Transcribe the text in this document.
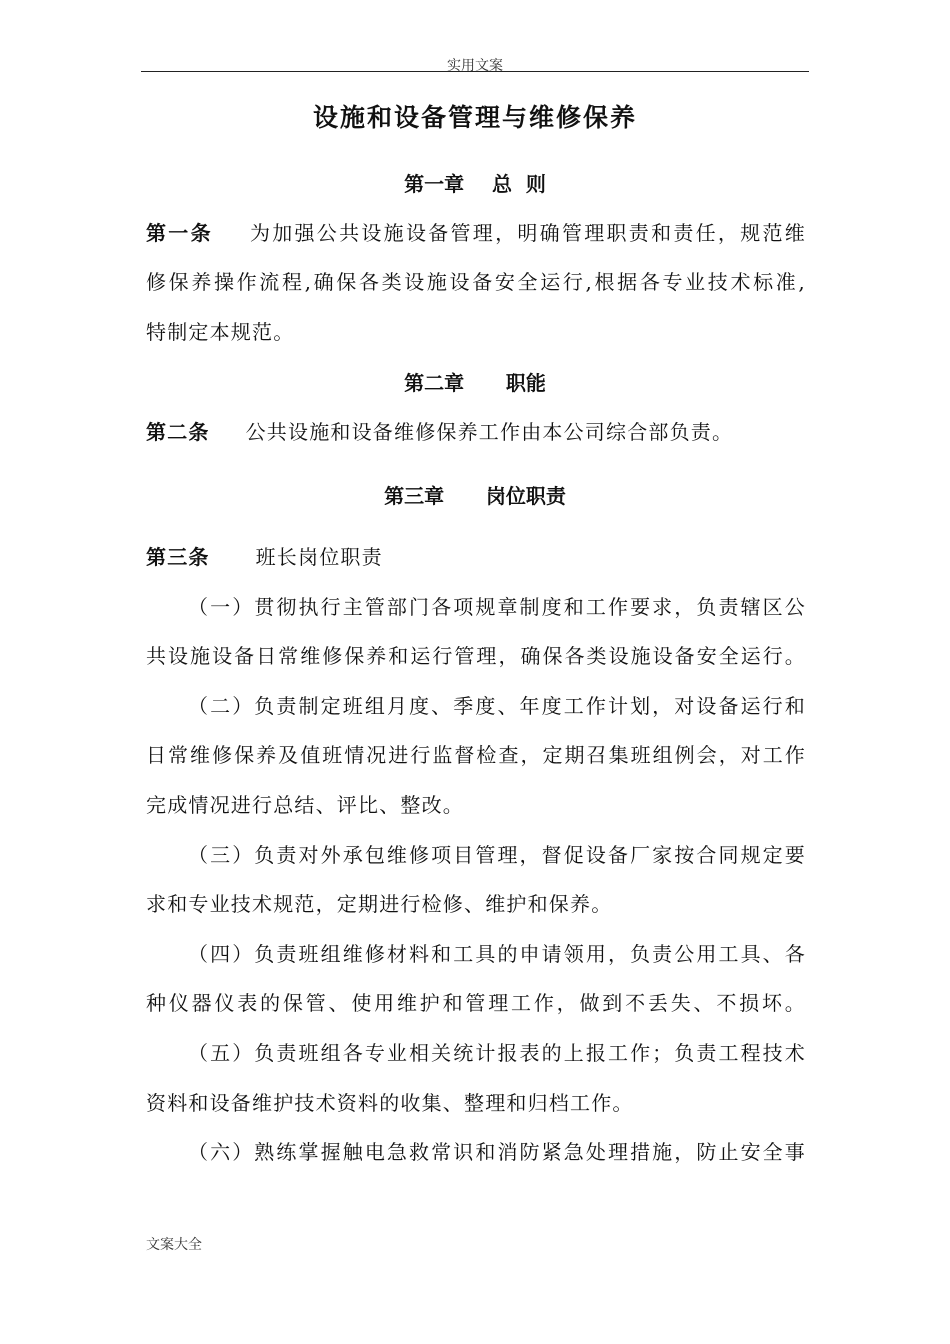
实用文案
设施和设备管理与维修保养
第一章    总  则
第一条 为加强公共设施设备管理，明确管理职责和责任，规范维
修保养操作流程,确保各类设施设备安全运行,根据各专业技术标准,
特制定本规范。
第二章      职能
第二条 公共设施和设备维修保养工作由本公司综合部负责。
第三章      岗位职责
第三条 班长岗位职责
（一）贯彻执行主管部门各项规章制度和工作要求，负责辖区公
共设施设备日常维修保养和运行管理，确保各类设施设备安全运行。
（二）负责制定班组月度、季度、年度工作计划，对设备运行和
日常维修保养及值班情况进行监督检查，定期召集班组例会，对工作
完成情况进行总结、评比、整改。
（三）负责对外承包维修项目管理，督促设备厂家按合同规定要
求和专业技术规范，定期进行检修、维护和保养。
（四）负责班组维修材料和工具的申请领用，负责公用工具、各
种仪器仪表的保管、使用维护和管理工作，做到不丢失、不损坏。
（五）负责班组各专业相关统计报表的上报工作；负责工程技术
资料和设备维护技术资料的收集、整理和归档工作。
（六）熟练掌握触电急救常识和消防紧急处理措施，防止安全事
文案大全
